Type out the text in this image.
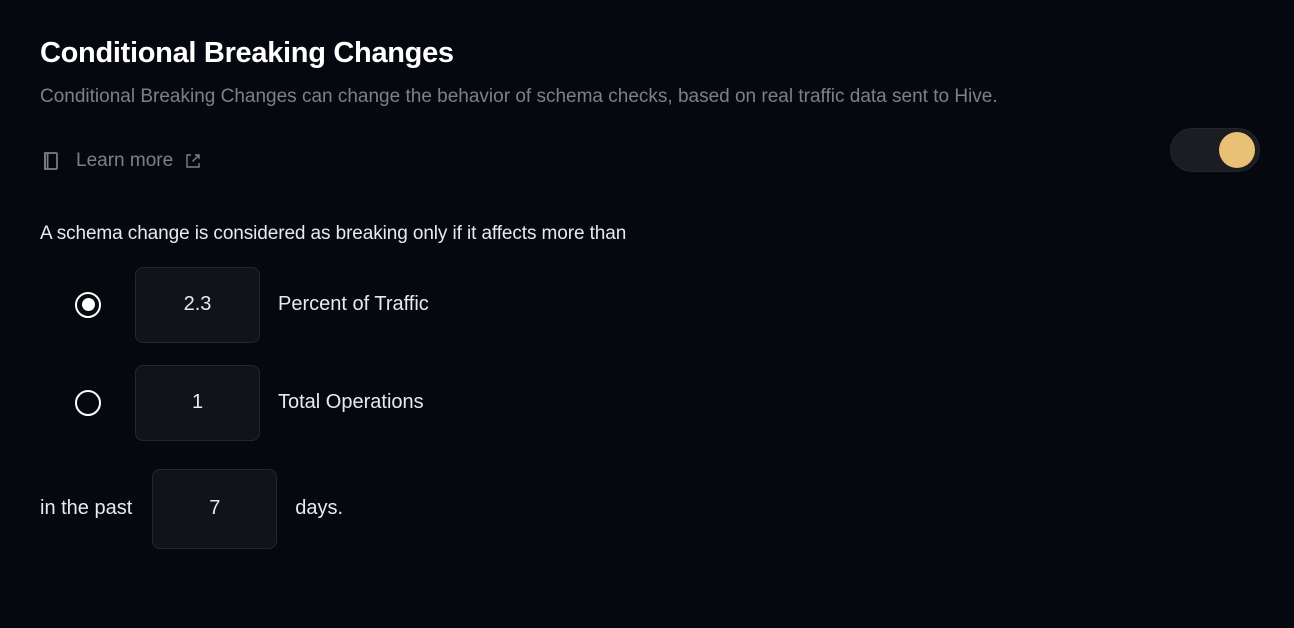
Conditional Breaking Changes

Conditional Breaking Changes can change the behavior of schema checks, based on real traffic data sent to Hive.

Learn more
A schema change is considered as breaking only if it affects more than
2.3
Percent of Traffic
1
Total Operations
in the past
7	days.
